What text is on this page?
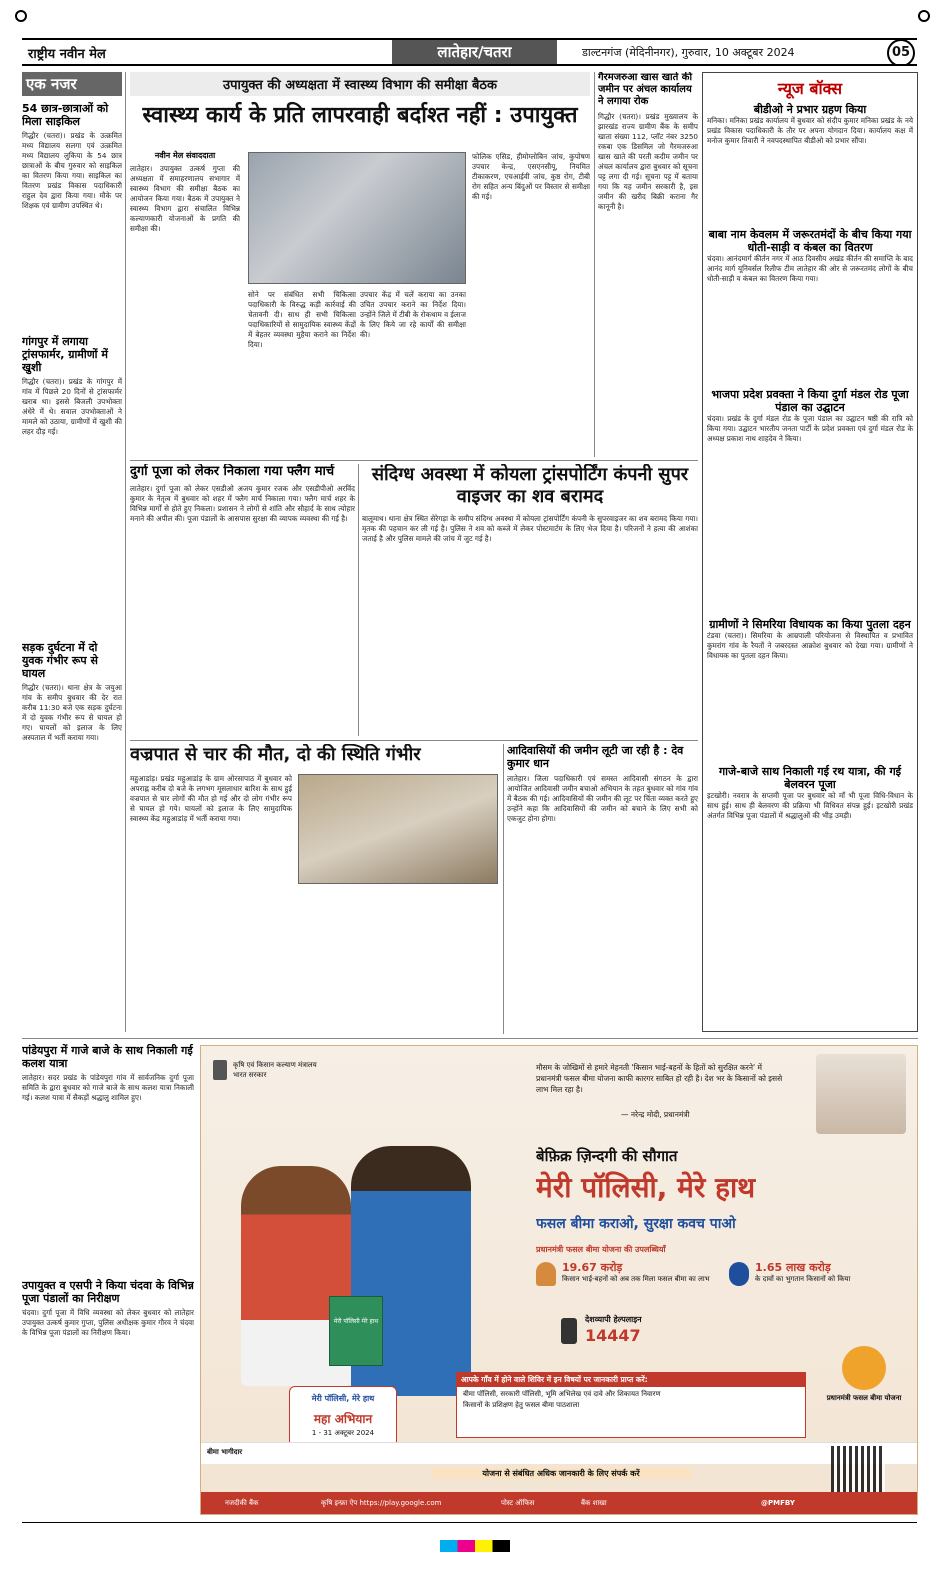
राष्ट्रीय नवीन मेल	लातेहार/चतरा	डाल्टनगंज (मेदिनीनगर), गुरुवार, 10 अक्टूबर 2024	05
एक नजर
54 छात्र-छात्राओं को मिला साइकिल
गिद्धौर (चतरा)। प्रखंड के उत्क्रमित मध्य विद्यालय सलगा एवं उत्क्रमित मध्य विद्यालय लुकिया के 54 छात्र छात्राओं के बीच गुरुवार को साइकिल का वितरण किया गया। साइकिल का वितरण प्रखंड विकास पदाधिकारी राहुल देव द्वारा किया गया। मौके पर शिक्षक एवं ग्रामीण उपस्थित थे।
गांगपुर में लगाया ट्रांसफार्मर, ग्रामीणों में खुशी
गिद्धौर (चतरा)। प्रखंड के गांगपुर में गांव में पिछले 20 दिनों से ट्रांसफार्मर खराब था। इससे बिजली उपभोक्ता अंधेरे में थे। सवाल उपभोक्ताओं ने मामले को उठाया, ग्रामीणों में खुशी की लहर दौड़ गई।
सड़क दुर्घटना में दो युवक गंभीर रूप से घायल
गिद्धौर (चतरा)। थाना क्षेत्र के जयुआ गांव के समीप बुधवार की देर रात करीब 11:30 बजे एक सड़क दुर्घटना में दो युवक गंभीर रूप से घायल हो गए। घायलों को इलाज के लिए अस्पताल में भर्ती कराया गया।
उपायुक्त की अध्यक्षता में स्वास्थ्य विभाग की समीक्षा बैठक
स्वास्थ्य कार्य के प्रति लापरवाही बर्दाश्त नहीं : उपायुक्त
नवीन मेल संवाददाता
लातेहार। उपायुक्त उत्कर्ष गुप्ता की अध्यक्षता में समाहरणालय सभागार में स्वास्थ्य विभाग की समीक्षा बैठक का आयोजन किया गया। बैठक में उपायुक्त ने स्वास्थ्य विभाग द्वारा संचालित विभिन्न कल्याणकारी योजनाओं के प्रगति की समीक्षा की।
सोने पर संबंधित सभी चिकित्सा पदाधिकारी के विरुद्ध कड़ी कार्रवाई की चेतावनी दी। साथ ही सभी चिकित्सा पदाधिकारियों से सामुदायिक स्वास्थ्य केंद्रों में बेहतर व्यवस्था मुहैया कराने का निर्देश दिया।
उपचार केंद्र में चलें कराया का उनका उचित उपचार कराने का निर्देश दिया। उन्होंने जिले में टीबी के रोकथाम व ईलाज के लिए किये जा रहे कार्यों की समीक्षा की।
फोलिक एसिड, हीमोग्लोबिन जांच, कुपोषण उपचार केन्द्र, एसएनसीयू, नियमित टीकाकरण, एचआईवी जांच, कुष्ठ रोग, टीबी रोग सहित अन्य बिंदुओं पर विस्तार से समीक्षा की गई।
गैरमजरुआ खास खाते की जमीन पर अंचल कार्यालय ने लगाया रोक
गिद्धौर (चतरा)। प्रखंड मुख्यालय के झारखंड राज्य ग्रामीण बैंक के समीप खाता संख्या 112, प्लॉट नंबर 3250 रकबा एक डिसमिल जो गैरमजरुआ खास खाते की परती कदीम जमीन पर अंचल कार्यालय द्वारा बुधवार को सूचना पट्ट लगा दी गई। सूचना पट्ट में बताया गया कि यह जमीन सरकारी है, इस जमीन की खरीद बिक्री कराना गैर कानूनी है।
न्यूज बॉक्स
बीडीओ ने प्रभार ग्रहण किया
मनिका। मनिका प्रखंड कार्यालय में बुधवार को संदीप कुमार मनिका प्रखंड के नये प्रखंड विकास पदाधिकारी के तौर पर अपना योगदान दिया। कार्यालय कक्ष में मनोज कुमार तिवारी ने नवपदस्थापित बीडीओ को प्रभार सौंपा।
बाबा नाम केवलम में जरूरतमंदों के बीच किया गया धोती-साड़ी व कंबल का वितरण
चंदवा। आनंदमार्ग कीर्तन नगर में आठ दिवसीय अखंड कीर्तन की समाप्ति के बाद आनंद मार्ग यूनिवर्सल रिलीफ टीम लातेहार की ओर से जरूरतमंद लोगों के बीच धोती-साड़ी व कंबल का वितरण किया गया।
भाजपा प्रदेश प्रवक्ता ने किया दुर्गा मंडल रोड पूजा पंडाल का उद्घाटन
चंदवा। प्रखंड के दुर्गा मंडल रोड के पूजा पंडाल का उद्घाटन षष्ठी की रात्रि को किया गया। उद्घाटन भारतीय जनता पार्टी के प्रदेश प्रवक्ता एवं दुर्गा मंडल रोड के अध्यक्ष प्रकाश नाथ शाहदेव ने किया।
ग्रामीणों ने सिमरिया विधायक का किया पुतला दहन
टंडवा (चतरा)। सिमरिया के आम्रपाली परियोजना से विस्थापित व प्रभावित कुमरांग गांव के रैयतों ने जबरदस्त आक्रोश बुधवार को देखा गया। ग्रामीणों ने विधायक का पुतला दहन किया।
गाजे-बाजे साथ निकाली गई रथ यात्रा, की गई बेलवरन पूजा
इटखोरी। नवरात्र के सप्तमी पूजा पर बुधवार को माँ भी पूजा विधि-विधान के साथ हुई। साथ ही बेलवरण की प्रक्रिया भी विधिवत संपन्न हुई। इटखोरी प्रखंड अंतर्गत विभिन्न पूजा पंडालों में श्रद्धालुओं की भीड़ उमड़ी।
दुर्गा पूजा को लेकर निकाला गया फ्लैग मार्च
लातेहार। दुर्गा पूजा को लेकर एसडीओ अजय कुमार रजक और एसडीपीओ अरविंद कुमार के नेतृत्व में बुधवार को शहर में फ्लैग मार्च निकाला गया। फ्लैग मार्च शहर के विभिन्न मार्गों से होते हुए निकला। प्रशासन ने लोगों से शांति और सौहार्द के साथ त्योहार मनाने की अपील की। पूजा पंडालों के आसपास सुरक्षा की व्यापक व्यवस्था की गई है।
संदिग्ध अवस्था में कोयला ट्रांसपोर्टिंग कंपनी सुपर वाइजर का शव बरामद
बालूमाथ। थाना क्षेत्र स्थित सेरेगड़ा के समीप संदिग्ध अवस्था में कोयला ट्रांसपोर्टिंग कंपनी के सुपरवाइजर का शव बरामद किया गया। मृतक की पहचान कर ली गई है। पुलिस ने शव को कब्जे में लेकर पोस्टमार्टम के लिए भेज दिया है। परिजनों ने हत्या की आशंका जताई है और पुलिस मामले की जांच में जुट गई है।
वज्रपात से चार की मौत, दो की स्थिति गंभीर
महुआडांड़। प्रखंड महुआडांड़ के ग्राम ओरसापाठ में बुधवार को अपराह्न करीब दो बजे के लगभग मूसलाधार बारिश के साथ हुई वज्रपात से चार लोगों की मौत हो गई और दो लोग गंभीर रूप से घायल हो गये। घायलों को इलाज के लिए सामुदायिक स्वास्थ्य केंद्र महुआडांड़ में भर्ती कराया गया।
आदिवासियों की जमीन लूटी जा रही है : देव कुमार धान
लातेहार। जिला पदाधिकारी एवं समस्त आदिवासी संगठन के द्वारा आयोजित आदिवासी जमीन बचाओ अभियान के तहत बुधवार को गांव गांव में बैठक की गई। आदिवासियों की जमीन की लूट पर चिंता व्यक्त करते हुए उन्होंने कहा कि आदिवासियों की जमीन को बचाने के लिए सभी को एकजुट होना होगा।
पांडेयपुरा में गाजे बाजे के साथ निकाली गई कलश यात्रा
लातेहार। सदर प्रखंड के पांडेयपुरा गांव में सार्वजनिक दुर्गा पूजा समिति के द्वारा बुधवार को गाजे बाजे के साथ कलश यात्रा निकाली गई। कलश यात्रा में सैकड़ों श्रद्धालु शामिल हुए।
उपायुक्त व एसपी ने किया चंदवा के विभिन्न पूजा पंडालों का निरीक्षण
चंदवा। दुर्गा पूजा में विधि व्यवस्था को लेकर बुधवार को लातेहार उपायुक्त उत्कर्ष कुमार गुप्ता, पुलिस अधीक्षक कुमार गौरव ने चंदवा के विभिन्न पूजा पंडालों का निरीक्षण किया।
कृषि एवं किसान कल्याण मंत्रालय
भारत सरकार
मौसम के जोखिमों से हमारे मेहनती 'किसान भाई-बहनों के हितों को सुरक्षित करने' में प्रधानमंत्री फसल बीमा योजना काफी कारगर साबित हो रही है। देश भर के किसानों को इससे लाभ मिल रहा है।
— नरेन्द्र मोदी, प्रधानमंत्री
बेफ़िक्र ज़िन्दगी की सौगात
मेरी पॉलिसी, मेरे हाथ
फसल बीमा कराओ, सुरक्षा कवच पाओ
प्रधानमंत्री फसल बीमा योजना की उपलब्धियाँ
19.67 करोड़
किसान भाई-बहनों को अब तक मिला फसल बीमा का लाभ
1.65 लाख करोड़
के दावों का भुगतान किसानों को किया
देशव्यापी हेल्पलाइन
14447
मेरी पॉलिसी मेरे हाथ
मेरी पॉलिसी, मेरे हाथ
महा अभियान
1 - 31 अक्टूबर 2024
आपके गाँव में होने वाले शिविर में इन विषयों पर जानकारी प्राप्त करें:
बीमा पॉलिसी, सरकारी पॉलिसी, भूमि अभिलेख एवं दावे और शिकायत निवारण
किसानों के प्रशिक्षण हेतु फसल बीमा पाठशाला
प्रधानमंत्री फसल बीमा योजना
बीमा भागीदार
योजना से संबंधित अधिक जानकारी के लिए संपर्क करें
नजदीकी बैंक	कृषि इन्फ्रा ऐप https://play.google.com	पोस्ट ऑफिस	बैंक शाखा	@PMFBY
